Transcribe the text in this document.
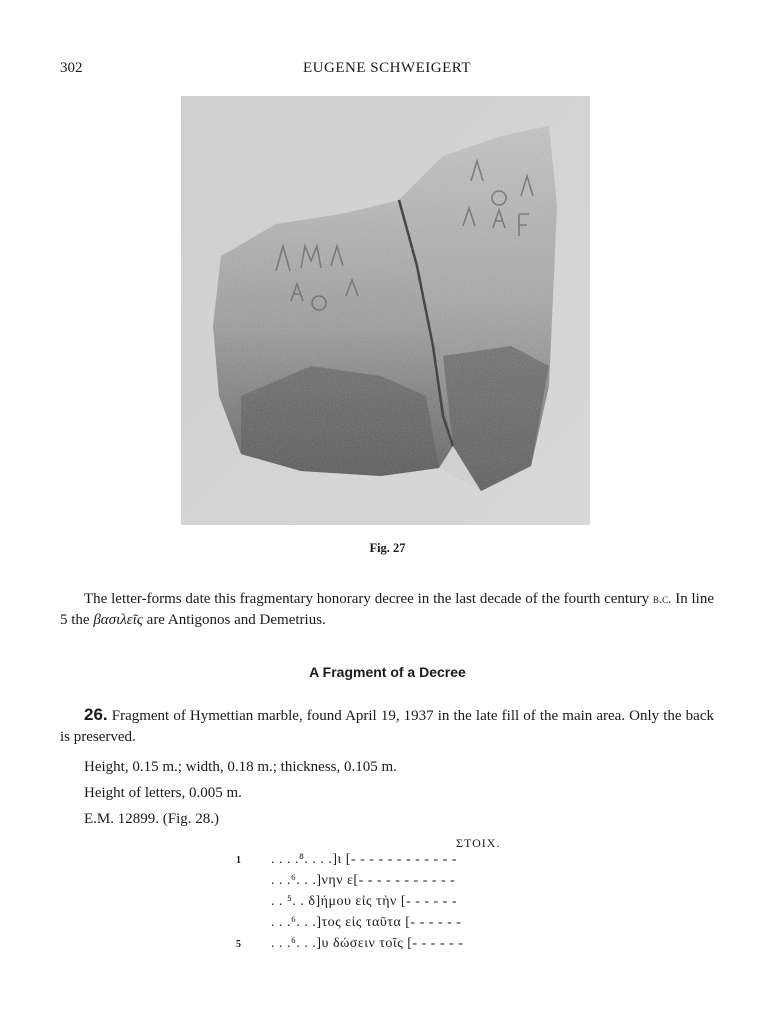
302	EUGENE SCHWEIGERT
Fig. 27

The letter-forms date this fragmentary honorary decree in the last decade of the fourth century b.c. In line 5 the βασιλεῖς are Antigonos and Demetrius.

A Fragment of a Decree

26. Fragment of Hymettian marble, found April 19, 1937 in the late fill of the main area. Only the back is preserved.

Height, 0.15 m.; width, 0.18 m.; thickness, 0.105 m.
Height of letters, 0.005 m.
E.M. 12899. (Fig. 28.)
ΣΤΟΙΧ.
1 . . . .⁸. . . .]ι [- - - - - - - - - - - -
. . .⁶. . .]νην ε[- - - - - - - - - - -
. . ⁵. . δ]ήμου εἰς τὴν [- - - - - -
. . .⁶. . .]τος εἰς ταῦτα [- - - - - -
5 . . .⁶. . .]υ δώσειν τοῖς [- - - - - -
